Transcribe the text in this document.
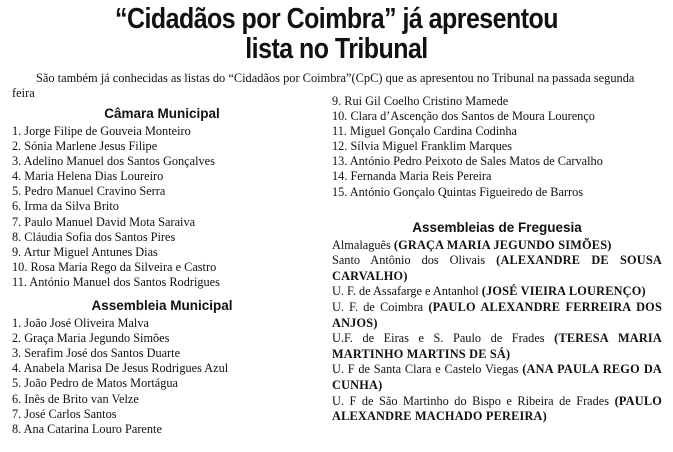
“Cidadãos por Coimbra” já apresentou
lista no Tribunal
São também já conhecidas as listas do “Cidadãos por Coimbra”(CpC) que as apresentou no Tribunal na passada segunda feira
Câmara Municipal
1. Jorge Filipe de Gouveia Monteiro
2. Sónia Marlene Jesus Filipe
3. Adelino Manuel dos Santos Gonçalves
4. Maria Helena Dias Loureiro
5. Pedro Manuel Cravino Serra
6. Irma da Silva Brito
7. Paulo Manuel David Mota Saraiva
8. Cláudia Sofia dos Santos Pires
9. Artur Miguel Antunes Dias
10. Rosa Maria Rego da Silveira e Castro
11. António Manuel dos Santos Rodrigues
Assembleia Municipal
1. João José Oliveira Malva
2. Graça Maria Jegundo Simões
3. Serafim José dos Santos Duarte
4. Anabela Marisa De Jesus Rodrigues Azul
5. João Pedro de Matos Mortágua
6. Inês de Brito van Velze
7. José Carlos Santos
8. Ana Catarina Louro Parente
9. Rui Gil Coelho Cristino Mamede
10. Clara d’Ascenção dos Santos de Moura Lourenço
11. Miguel Gonçalo Cardina Codinha
12. Sílvia Miguel Franklim Marques
13. António Pedro Peixoto de Sales Matos de Carvalho
14. Fernanda Maria Reis Pereira
15. António Gonçalo Quintas Figueiredo de Barros
Assembleias de Freguesia

Almalaguês (GRAÇA MARIA JEGUNDO SIMÕES)

Santo Antônio dos Olivais (ALEXANDRE DE SOUSA CARVALHO)

U. F. de Assafarge e Antanhol (JOSÉ VIEIRA LOURENÇO)

U. F. de Coimbra (PAULO ALEXANDRE FERREIRA DOS ANJOS)

U.F. de Eiras e S. Paulo de Frades (TERESA MARIA MARTINHO MARTINS DE SÁ)

U. F de Santa Clara e Castelo Viegas (ANA PAULA REGO DA CUNHA)

U. F de São Martinho do Bispo e Ribeira de Frades (PAULO ALEXANDRE MACHADO PEREIRA)
